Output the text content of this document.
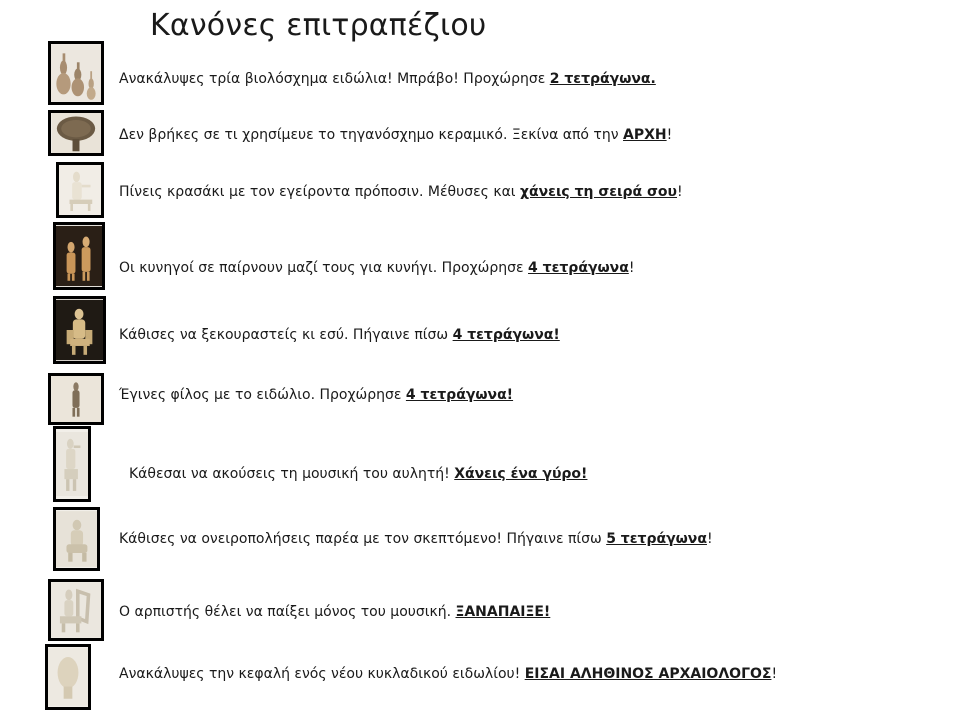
Κανόνες επιτραπέζιου
Ανακάλυψες τρία βιολόσχημα ειδώλια! Μπράβο! Προχώρησε 2 τετράγωνα.
Δεν βρήκες σε τι χρησίμευε το τηγανόσχημο κεραμικό. Ξεκίνα από την ΑΡΧΗ!
Πίνεις κρασάκι με τον εγείροντα πρόποσιν. Μέθυσες και χάνεις τη σειρά σου!
Οι κυνηγοί σε παίρνουν μαζί τους για κυνήγι. Προχώρησε 4 τετράγωνα!
Κάθισες να ξεκουραστείς κι εσύ. Πήγαινε πίσω 4 τετράγωνα!
Έγινες φίλος με το ειδώλιο. Προχώρησε 4 τετράγωνα!
Κάθεσαι να ακούσεις τη μουσική του αυλητή! Χάνεις ένα γύρο!
Κάθισες να ονειροπολήσεις παρέα με τον σκεπτόμενο! Πήγαινε πίσω 5 τετράγωνα!
Ο αρπιστής θέλει να παίξει μόνος του μουσική. ΞΑΝΑΠΑΙΞΕ!
Ανακάλυψες την κεφαλή ενός νέου κυκλαδικού ειδωλίου! ΕΙΣΑΙ ΑΛΗΘΙΝΟΣ ΑΡΧΑΙΟΛΟΓΟΣ!
